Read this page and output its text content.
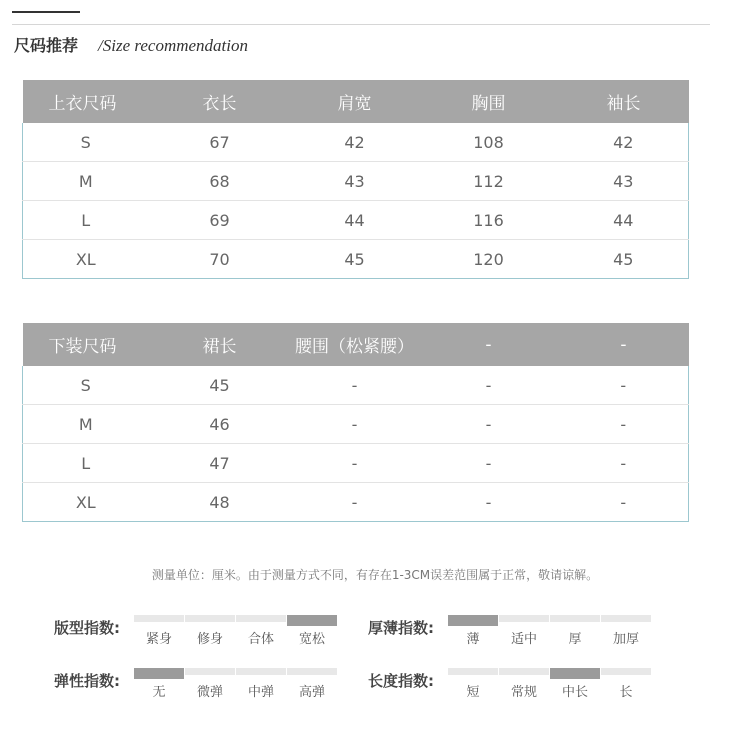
尺码推荐 /Size recommendation
上衣尺码	衣长	肩宽	胸围	袖长
S	67	42	108	42
M	68	43	112	43
L	69	44	116	44
XL	70	45	120	45
下装尺码	裙长	腰围（松紧腰）	-	-
S	45	-	-	-
M	46	-	-	-
L	47	-	-	-
XL	48	-	-	-
测量单位：厘米。由于测量方式不同，有存在1-3CM误差范围属于正常，敬请谅解。
版型指数:
紧身 修身 合体 宽松
厚薄指数:
薄 适中 厚 加厚
弹性指数:
无 微弹 中弹 高弹
长度指数:
短 常规 中长 长
